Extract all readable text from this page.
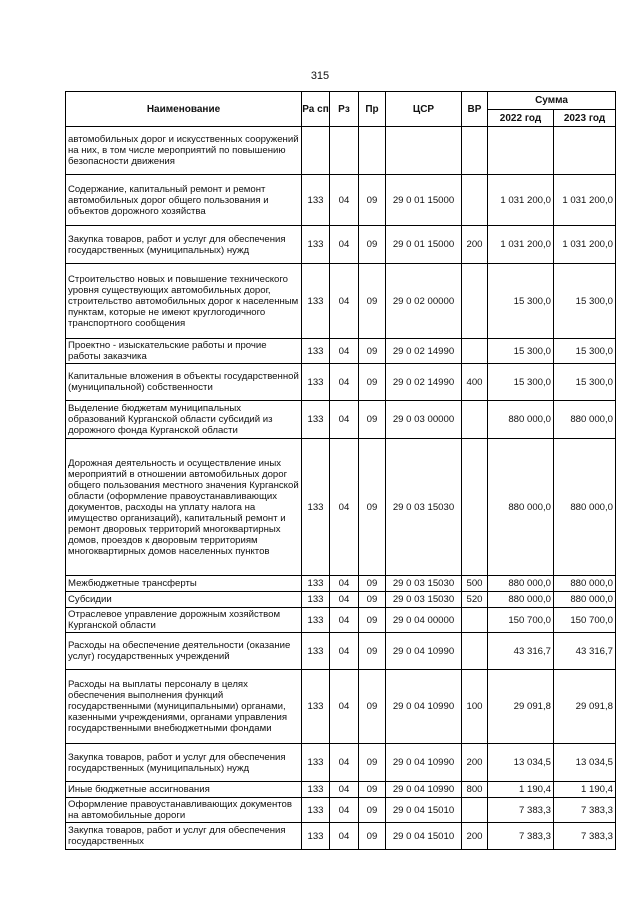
315
Наименование	Ра сп	Рз	Пр	ЦСР	ВР	Сумма	
						2022 год	2023 год
автомобильных дорог и искусственных сооружений на них, в том числе мероприятий по повышению безопасности движения							
Содержание, капитальный ремонт и ремонт автомобильных дорог общего пользования и объектов дорожного хозяйства	133	04	09	29 0 01 15000		1 031 200,0	1 031 200,0
Закупка товаров, работ и услуг для обеспечения государственных (муниципальных) нужд	133	04	09	29 0 01 15000	200	1 031 200,0	1 031 200,0
Строительство новых и повышение технического уровня существующих автомобильных дорог, строительство автомобильных дорог к населенным пунктам, которые не имеют круглогодичного транспортного сообщения	133	04	09	29 0 02 00000		15 300,0	15 300,0
Проектно - изыскательские работы и прочие работы заказчика	133	04	09	29 0 02 14990		15 300,0	15 300,0
Капитальные вложения в объекты государственной (муниципальной) собственности	133	04	09	29 0 02 14990	400	15 300,0	15 300,0
Выделение бюджетам муниципальных образований Курганской области субсидий из дорожного фонда Курганской области	133	04	09	29 0 03 00000		880 000,0	880 000,0
Дорожная деятельность и осуществление иных мероприятий в отношении автомобильных дорог общего пользования местного значения Курганской области (оформление правоустанавливающих документов, расходы на уплату налога на имущество организаций), капитальный ремонт и ремонт дворовых территорий многоквартирных домов, проездов к дворовым территориям многоквартирных домов населенных пунктов	133	04	09	29 0 03 15030		880 000,0	880 000,0
Межбюджетные трансферты	133	04	09	29 0 03 15030	500	880 000,0	880 000,0
Субсидии	133	04	09	29 0 03 15030	520	880 000,0	880 000,0
Отраслевое управление дорожным хозяйством Курганской области	133	04	09	29 0 04 00000		150 700,0	150 700,0
Расходы на обеспечение деятельности (оказание услуг) государственных учреждений	133	04	09	29 0 04 10990		43 316,7	43 316,7
Расходы на выплаты персоналу в целях обеспечения выполнения функций государственными (муниципальными) органами, казенными учреждениями, органами управления государственными внебюджетными фондами	133	04	09	29 0 04 10990	100	29 091,8	29 091,8
Закупка товаров, работ и услуг для обеспечения государственных (муниципальных) нужд	133	04	09	29 0 04 10990	200	13 034,5	13 034,5
Иные бюджетные ассигнования	133	04	09	29 0 04 10990	800	1 190,4	1 190,4
Оформление правоустанавливающих документов на автомобильные дороги	133	04	09	29 0 04 15010		7 383,3	7 383,3
Закупка товаров, работ и услуг для обеспечения государственных	133	04	09	29 0 04 15010	200	7 383,3	7 383,3
